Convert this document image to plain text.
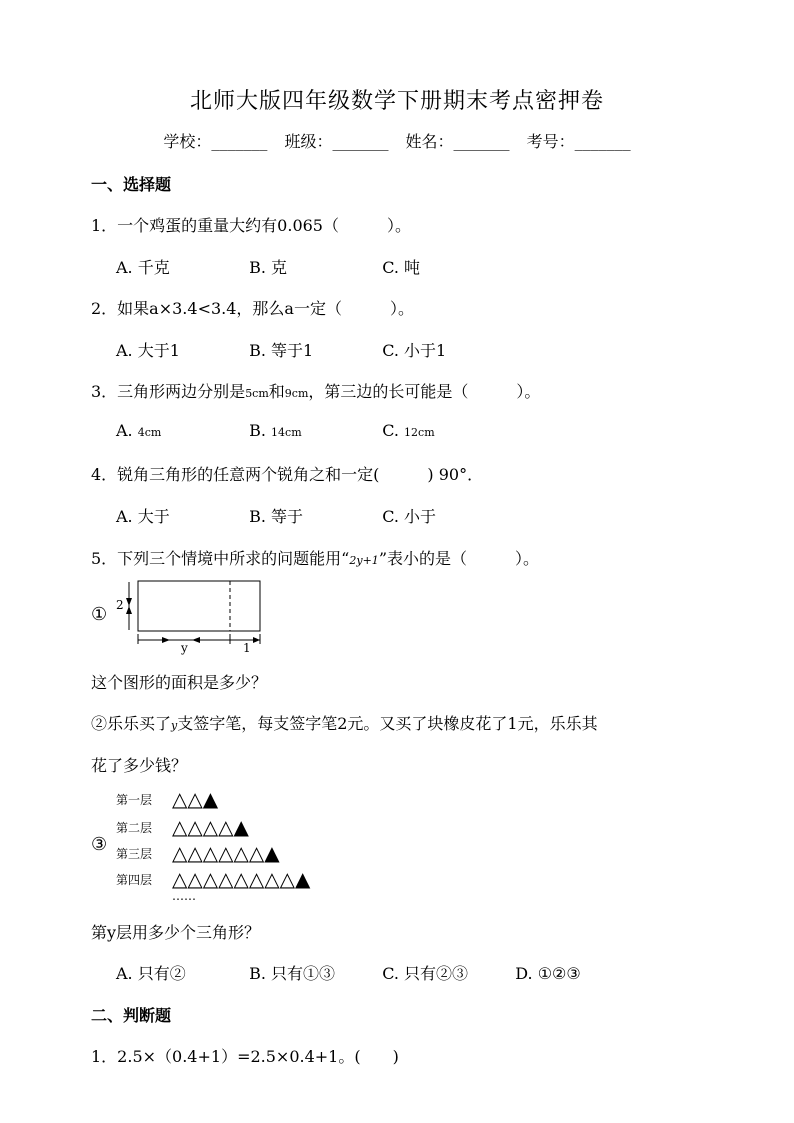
北师大版四年级数学下册期末考点密押卷
学校：_______ 班级：_______ 姓名：_______ 考号：_______
一、选择题
1．一个鸡蛋的重量大约有0.065（　　　）。
A. 千克	B. 克	C. 吨
2．如果a×3.4<3.4，那么a一定（　　　）。
A. 大于1	B. 等于1	C. 小于1
3．三角形两边分别是5cm和9cm，第三边的长可能是（　　　）。
A. 4cm	B. 14cm	C. 12cm
4．锐角三角形的任意两个锐角之和一定(　　　) 90°．
A. 大于	B. 等于	C. 小于
5．下列三个情境中所求的问题能用“2y+1”表小的是（　　　）。
① 2
y	1
这个图形的面积是多少？
②乐乐买了y支签字笔，每支签字笔2元。又买了块橡皮花了1元，乐乐其
花了多少钱？
第一层 △△▲
第二层 △△△△▲
③ 第三层 △△△△△△▲
第四层 △△△△△△△△▲
……
第y层用多少个三角形？
A. 只有②	B. 只有①③	C. 只有②③	D. ①②③
二、判断题
1．2.5×（0.4+1）=2.5×0.4+1。(　　)
